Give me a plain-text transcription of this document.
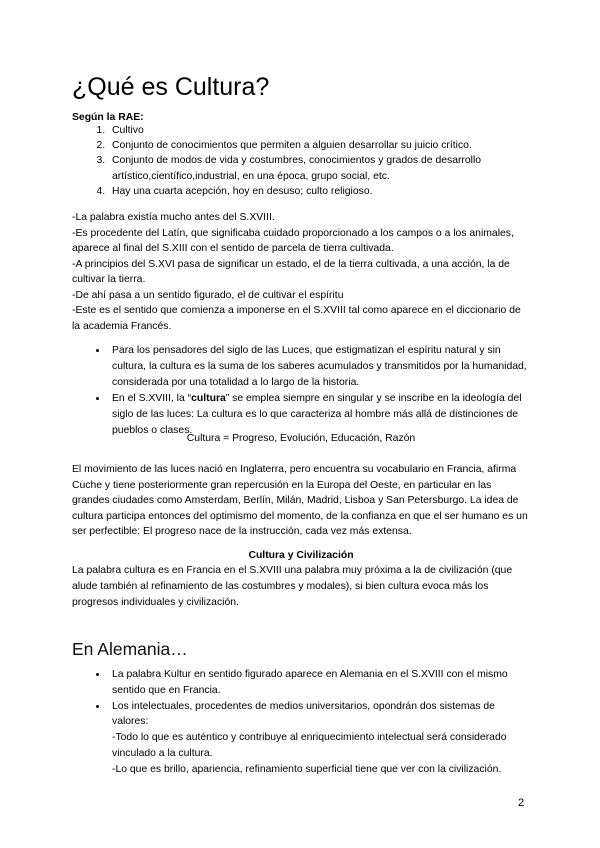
¿Qué es Cultura?
Según la RAE:
1. Cultivo
2. Conjunto de conocimientos que permiten a alguien desarrollar su juicio crítico.
3. Conjunto de modos de vida y costumbres, conocimientos y grados de desarrollo artístico,científico,industrial, en una época, grupo social, etc.
4. Hay una cuarta acepción, hoy en desuso; culto religioso.

-La palabra existía mucho antes del S.XVIII.

-Es procedente del Latín, que significaba cuidado proporcionado a los campos o a los animales, aparece al final del S.XIII con el sentido de parcela de tierra cultivada.

-A principios del S.XVI pasa de significar un estado, el de la tierra cultivada, a una acción, la de cultivar la tierra.

-De ahí pasa a un sentido figurado, el de cultivar el espíritu

-Este es el sentido que comienza a imponerse en el S.XVIII tal como aparece en el diccionario de la academia Francés.

• Para los pensadores del siglo de las Luces, que estigmatizan el espíritu natural y sin cultura, la cultura es la suma de los saberes acumulados y transmitidos por la humanidad, considerada por una totalidad a lo largo de la historia.
• En el S.XVIII, la “cultura” se emplea siempre en singular y se inscribe en la ideología del siglo de las luces: La cultura es lo que caracteriza al hombre más allá de distinciones de pueblos o clases.
Cultura = Progreso, Evolución, Educación, Razón

El movimiento de las luces nació en Inglaterra, pero encuentra su vocabulario en Francia, afirma Cuche y tiene posteriormente gran repercusión en la Europa del Oeste, en particular en las grandes ciudades como Amsterdam, Berlín, Milán, Madrid, Lisboa y San Petersburgo. La idea de cultura participa entonces del optimismo del momento, de la confianza en que el ser humano es un ser perfectible: El progreso nace de la instrucción, cada vez más extensa.

Cultura y Civilización

La palabra cultura es en Francia en el S.XVIII una palabra muy próxima a la de civilización (que alude también al refinamiento de las costumbres y modales), si bien cultura evoca más los progresos individuales y civilización.

En Alemania…
• La palabra Kultur en sentido figurado aparece en Alemania en el S.XVIII con el mismo sentido que en Francia.
• Los intelectuales, procedentes de medios universitarios, opondrán dos sistemas de valores:
-Todo lo que es auténtico y contribuye al enriquecimiento intelectual será considerado vinculado a la cultura.
-Lo que es brillo, apariencia, refinamiento superficial tiene que ver con la civilización.
2
